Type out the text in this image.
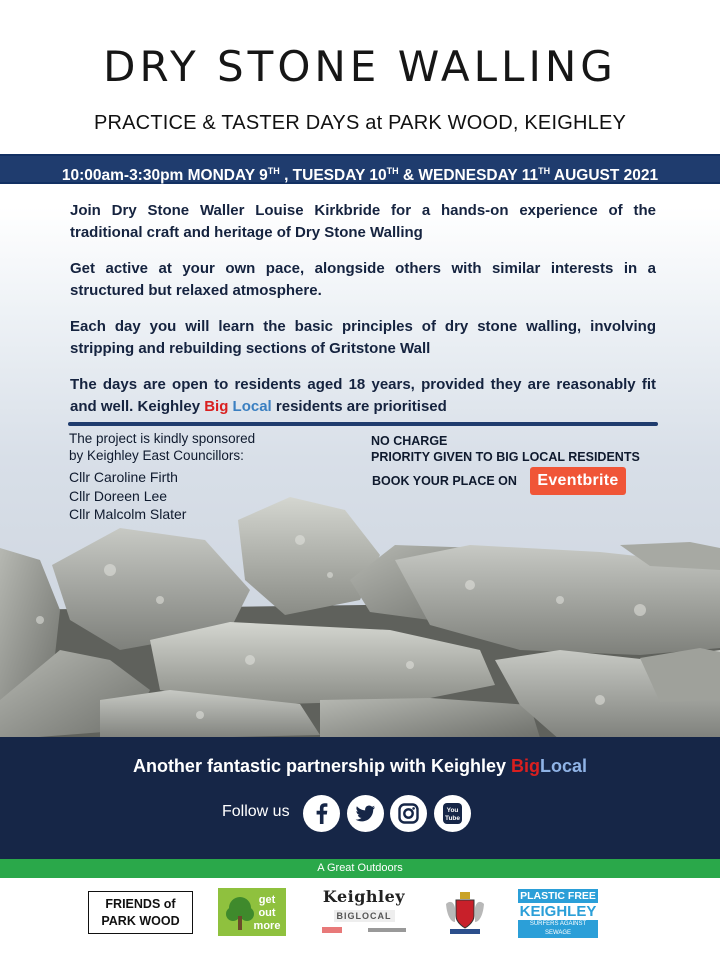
DRY STONE WALLING
PRACTICE & TASTER DAYS at PARK WOOD, KEIGHLEY
10:00am-3:30pm MONDAY 9TH , TUESDAY 10TH & WEDNESDAY 11TH AUGUST 2021
Join Dry Stone Waller Louise Kirkbride for a hands-on experience of the traditional craft and heritage of Dry Stone Walling
Get active at your own pace, alongside others with similar interests in a structured but relaxed atmosphere.
Each day you will learn the basic principles of dry stone walling, involving stripping and rebuilding sections of Gritstone Wall
The days are open to residents aged 18 years, provided they are reasonably fit and well. Keighley Big Local residents are prioritised
The project is kindly sponsored
by Keighley East Councillors:
Cllr Caroline Firth
Cllr Doreen Lee
Cllr Malcolm Slater
NO CHARGE
PRIORITY GIVEN TO BIG LOCAL RESIDENTS
BOOK YOUR PLACE ON	Eventbrite
Another fantastic partnership with Keighley BigLocal
Follow us	You
Tube
A Great Outdoors
FRIENDS of
PARK WOOD
get
out
more
Keighley
BIGLOCAL
PLASTIC FREE
KEIGHLEY
SURFERS AGAINST SEWAGE
